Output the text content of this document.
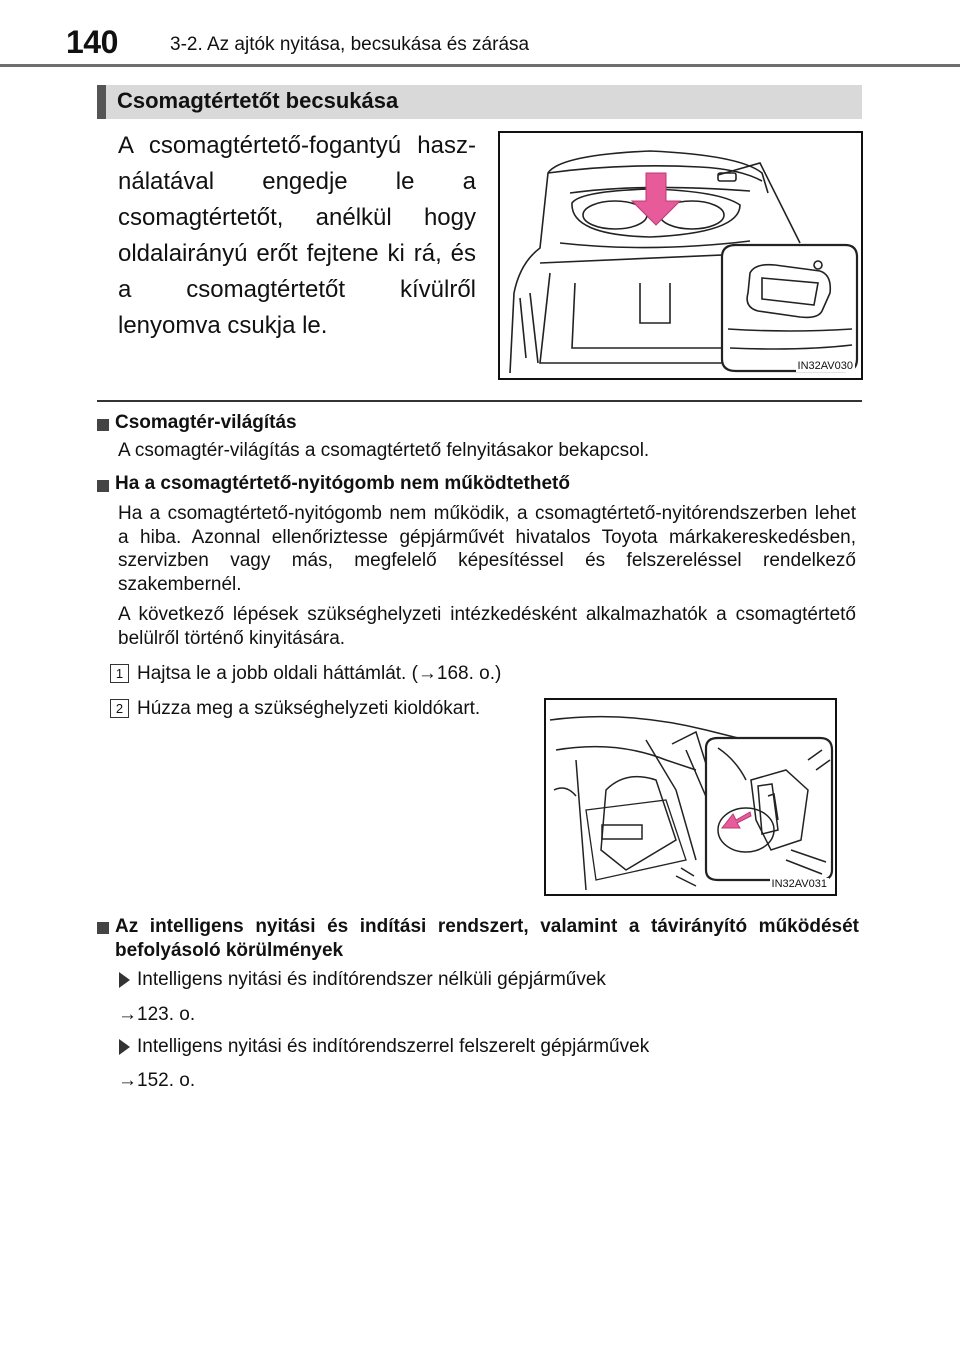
140	3-2. Az ajtók nyitása, becsukása és zárása
Csomagtértetőt becsukása
A csomagtértető-fogantyú használatával engedje le a csomagtértetőt, anélkül hogy oldalairányú erőt fejtene ki rá, és a csomagtértetőt kívülről lenyomva csukja le.
IN32AV030
Csomagtér-világítás
A csomagtér-világítás a csomagtértető felnyitásakor bekapcsol.
Ha a csomagtértető-nyitógomb nem működtethető
Ha a csomagtértető-nyitógomb nem működik, a csomagtértető-nyitórendszerben lehet a hiba. Azonnal ellenőriztesse gépjárművét hivatalos Toyota márkakereskedésben, szervizben vagy más, megfelelő képesítéssel és felszereléssel rendelkező szakembernél.
A következő lépések szükséghelyzeti intézkedésként alkalmazhatók a csomagtértető belülről történő kinyitására.
1 Hajtsa le a jobb oldali háttámlát. (→168. o.)
2 Húzza meg a szükséghelyzeti kioldókart.
IN32AV031
Az intelligens nyitási és indítási rendszert, valamint a távirányító működését befolyásoló körülmények
Intelligens nyitási és indítórendszer nélküli gépjárművek
→123. o.
Intelligens nyitási és indítórendszerrel felszerelt gépjárművek
→152. o.
